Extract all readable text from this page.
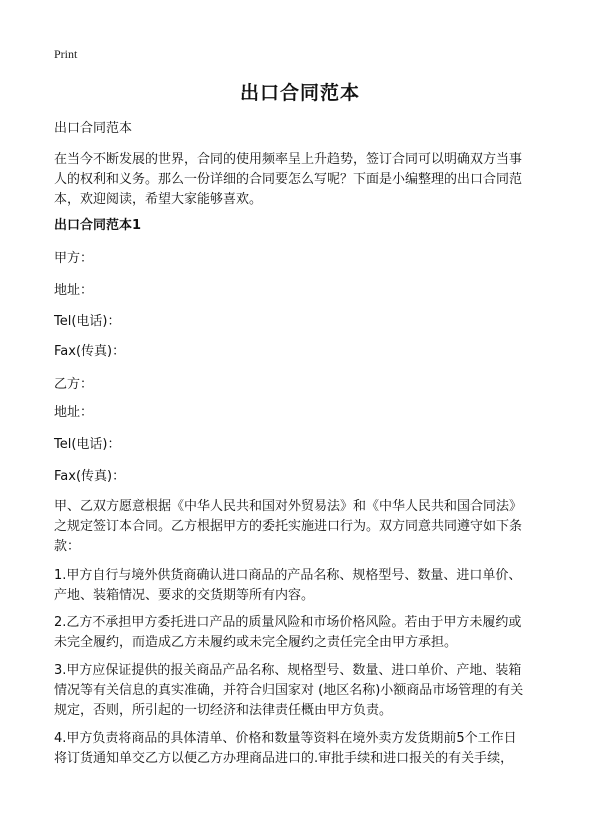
Print
出口合同范本
出口合同范本
在当今不断发展的世界，合同的使用频率呈上升趋势，签订合同可以明确双方当事
人的权利和义务。那么一份详细的合同要怎么写呢？下面是小编整理的出口合同范
本，欢迎阅读，希望大家能够喜欢。
出口合同范本1
甲方：
地址：
Tel(电话)：
Fax(传真)：
乙方：
地址：
Tel(电话)：
Fax(传真)：
甲、乙双方愿意根据《中华人民共和国对外贸易法》和《中华人民共和国合同法》
之规定签订本合同。乙方根据甲方的委托实施进口行为。双方同意共同遵守如下条
款：
1.甲方自行与境外供货商确认进口商品的产品名称、规格型号、数量、进口单价、
产地、装箱情况、要求的交货期等所有内容。
2.乙方不承担甲方委托进口产品的质量风险和市场价格风险。若由于甲方未履约或
未完全履约，而造成乙方未履约或未完全履约之责任完全由甲方承担。
3.甲方应保证提供的报关商品产品名称、规格型号、数量、进口单价、产地、装箱
情况等有关信息的真实准确，并符合归国家对 (地区名称)小额商品市场管理的有关
规定，否则，所引起的一切经济和法律责任概由甲方负责。
4.甲方负责将商品的具体清单、价格和数量等资料在境外卖方发货期前5个工作日
将订货通知单交乙方以便乙方办理商品进口的.审批手续和进口报关的有关手续，
